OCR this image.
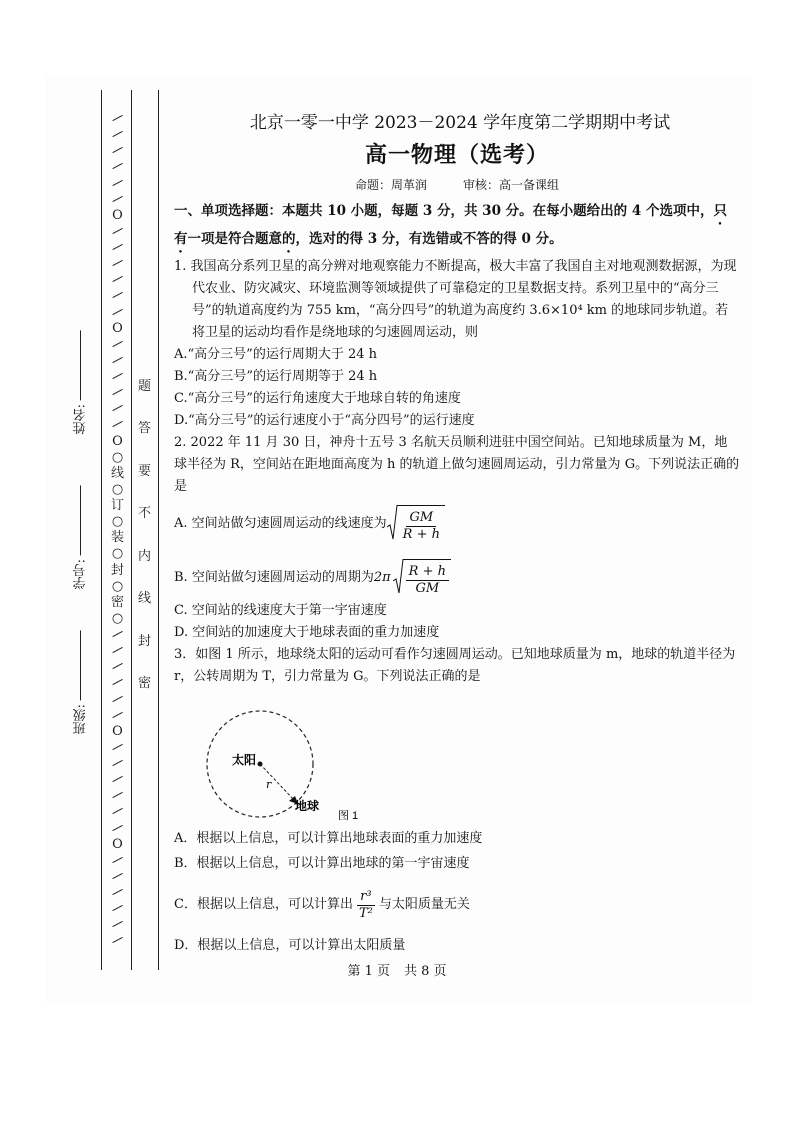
/
/
/
/
/
/
O
/
/
/
/
/
/
O
/
/
/
/
/
/
O
○
线
○
订
○
装
○
封
○
密
○
/
/
/
/
/
/
O
/
/
/
/
/
/
O
/
/
/
/
/
/
题
答
要
不
内
线
封
密
姓名:
学号:
班级:
北京一零一中学 2023－2024 学年度第二学期期中考试
高一物理（选考）
命题：周革润	审核：高一备课组
一、单项选择题：本题共 10 小题，每题 3 分，共 30 分。在每小题给出的 4 个选项中，只有一项是符合题意的，选对的得 3 分，有选错或不答的得 0 分。
1. 我国高分系列卫星的高分辨对地观察能力不断提高，极大丰富了我国自主对地观测数据源，为现代农业、防灾减灾、环境监测等领域提供了可靠稳定的卫星数据支持。系列卫星中的“高分三号”的轨道高度约为 755 km，“高分四号”的轨道为高度约 3.6×10⁴ km 的地球同步轨道。若将卫星的运动均看作是绕地球的匀速圆周运动，则
A.“高分三号”的运行周期大于 24 h
B.“高分三号”的运行周期等于 24 h
C.“高分三号”的运行角速度大于地球自转的角速度
D.“高分三号”的运行速度小于“高分四号”的运行速度
2. 2022 年 11 月 30 日，神舟十五号 3 名航天员顺利进驻中国空间站。已知地球质量为 M，地球半径为 R，空间站在距地面高度为 h 的轨道上做匀速圆周运动，引力常量为 G。下列说法正确的是
A. 空间站做匀速圆周运动的线速度为 $\frac{GM}{R + h}$
B. 空间站做匀速圆周运动的周期为 $2\pi \frac{R + h}{GM}$
C. 空间站的线速度大于第一宇宙速度
D. 空间站的加速度大于地球表面的重力加速度
3．如图 1 所示，地球绕太阳的运动可看作匀速圆周运动。已知地球质量为 m，地球的轨道半径为 r，公转周期为 T，引力常量为 G。下列说法正确的是
太阳
r
地球
图 1
A．根据以上信息，可以计算出地球表面的重力加速度
B．根据以上信息，可以计算出地球的第一宇宙速度
C．根据以上信息，可以计算出 $\frac{\text{r³}}{\text{T²}}$ 与太阳质量无关
D．根据以上信息，可以计算出太阳质量
第 1 页 共 8 页
